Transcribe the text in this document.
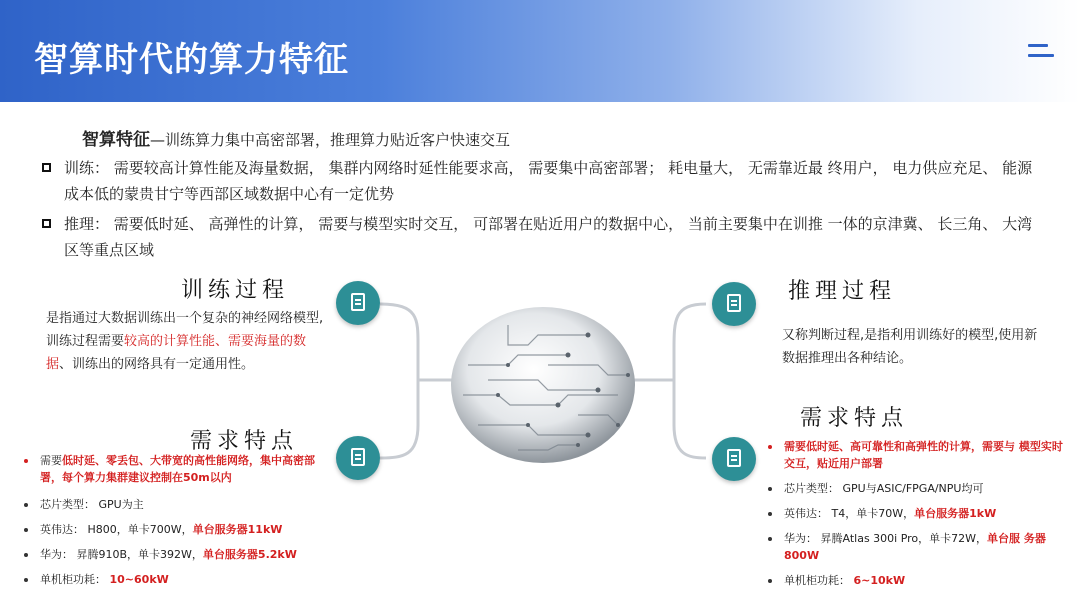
智算时代的算力特征
智算特征—训练算力集中高密部署，推理算力贴近客户快速交互
训练： 需要较高计算性能及海量数据， 集群内网络时延性能要求高， 需要集中高密部署； 耗电量大， 无需靠近最 终用户， 电力供应充足、 能源成本低的蒙贵甘宁等西部区域数据中心有一定优势
推理： 需要低时延、 高弹性的计算， 需要与模型实时交互， 可部署在贴近用户的数据中心， 当前主要集中在训推 一体的京津冀、 长三角、 大湾区等重点区域
训练过程
是指通过大数据训练出一个复杂的神经网络模型, 训练过程需要较高的计算性能、需要海量的数据、训练出的网络具有一定通用性。
需求特点
需要低时延、零丢包、大带宽的高性能网络，集中高密部署，每个算力集群建议控制在50m以内
芯片类型： GPU为主
英伟达： H800，单卡700W，单台服务器11kW
华为： 昇腾910B，单卡392W，单台服务器5.2kW
单机柜功耗： 10~60kW
推理过程
又称判断过程,是指利用训练好的模型,使用新数据推理出各种结论。
需求特点
需要低时延、高可靠性和高弹性的计算，需要与 模型实时交互，贴近用户部署
芯片类型： GPU与ASIC/FPGA/NPU均可
英伟达： T4，单卡70W，单台服务器1kW
华为： 昇腾Atlas 300i Pro，单卡72W，单台服 务器800W
单机柜功耗： 6~10kW
